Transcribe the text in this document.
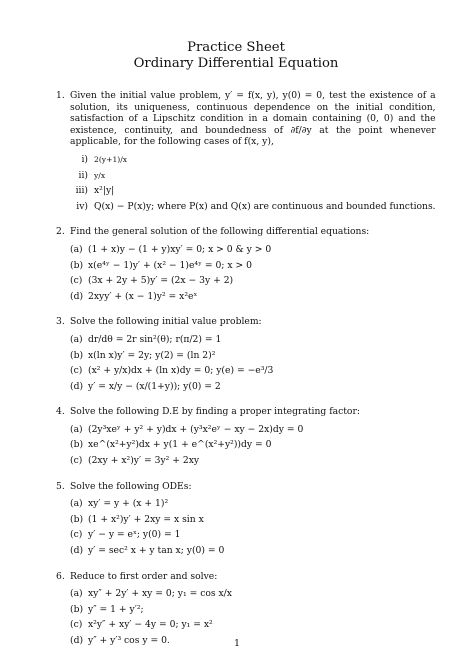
Practice Sheet
Ordinary Differential Equation
1. Given the initial value problem, y′ = f(x, y), y(0) = 0, test the existence of a solution, its uniqueness, continuous dependence on the initial condition, satisfaction of a Lipschitz condition in a domain containing (0, 0) and the existence, continuity, and boundedness of ∂f/∂y at the point whenever applicable, for the following cases of f(x, y),
i) 2(y+1)/x
ii) y/x
iii) x²|y|
iv) Q(x) − P(x)y; where P(x) and Q(x) are continuous and bounded functions.
2. Find the general solution of the following differential equations:
(a) (1 + x)y − (1 + y)xy′ = 0; x > 0 & y > 0
(b) x(e⁴ʸ − 1)y′ + (x² − 1)e⁴ʸ = 0; x > 0
(c) (3x + 2y + 5)y′ = (2x − 3y + 2)
(d) 2xyy′ + (x − 1)y² = x²eˣ
3. Solve the following initial value problem:
(a) dr/dθ = 2r sin²(θ); r(π/2) = 1
(b) x(ln x)y′ = 2y; y(2) = (ln 2)²
(c) (x² + y/x)dx + (ln x)dy = 0; y(e) = −e³/3
(d) y′ = x/y − (x/(1+y)); y(0) = 2
4. Solve the following D.E by finding a proper integrating factor:
(a) (2y³xeʸ + y² + y)dx + (y³x²eʸ − xy − 2x)dy = 0
(b) xe^(x²+y²)dx + y(1 + e^(x²+y²))dy = 0
(c) (2xy + x²)y′ = 3y² + 2xy
5. Solve the following ODEs:
(a) xy′ = y + (x + 1)²
(b) (1 + x²)y′ + 2xy = x sin x
(c) y′ − y = eˣ; y(0) = 1
(d) y′ = sec² x + y tan x; y(0) = 0
6. Reduce to first order and solve:
(a) xy″ + 2y′ + xy = 0; y₁ = cos x/x
(b) y″ = 1 + y′²;
(c) x²y″ + xy′ − 4y = 0; y₁ = x²
(d) y″ + y′³ cos y = 0.	1
